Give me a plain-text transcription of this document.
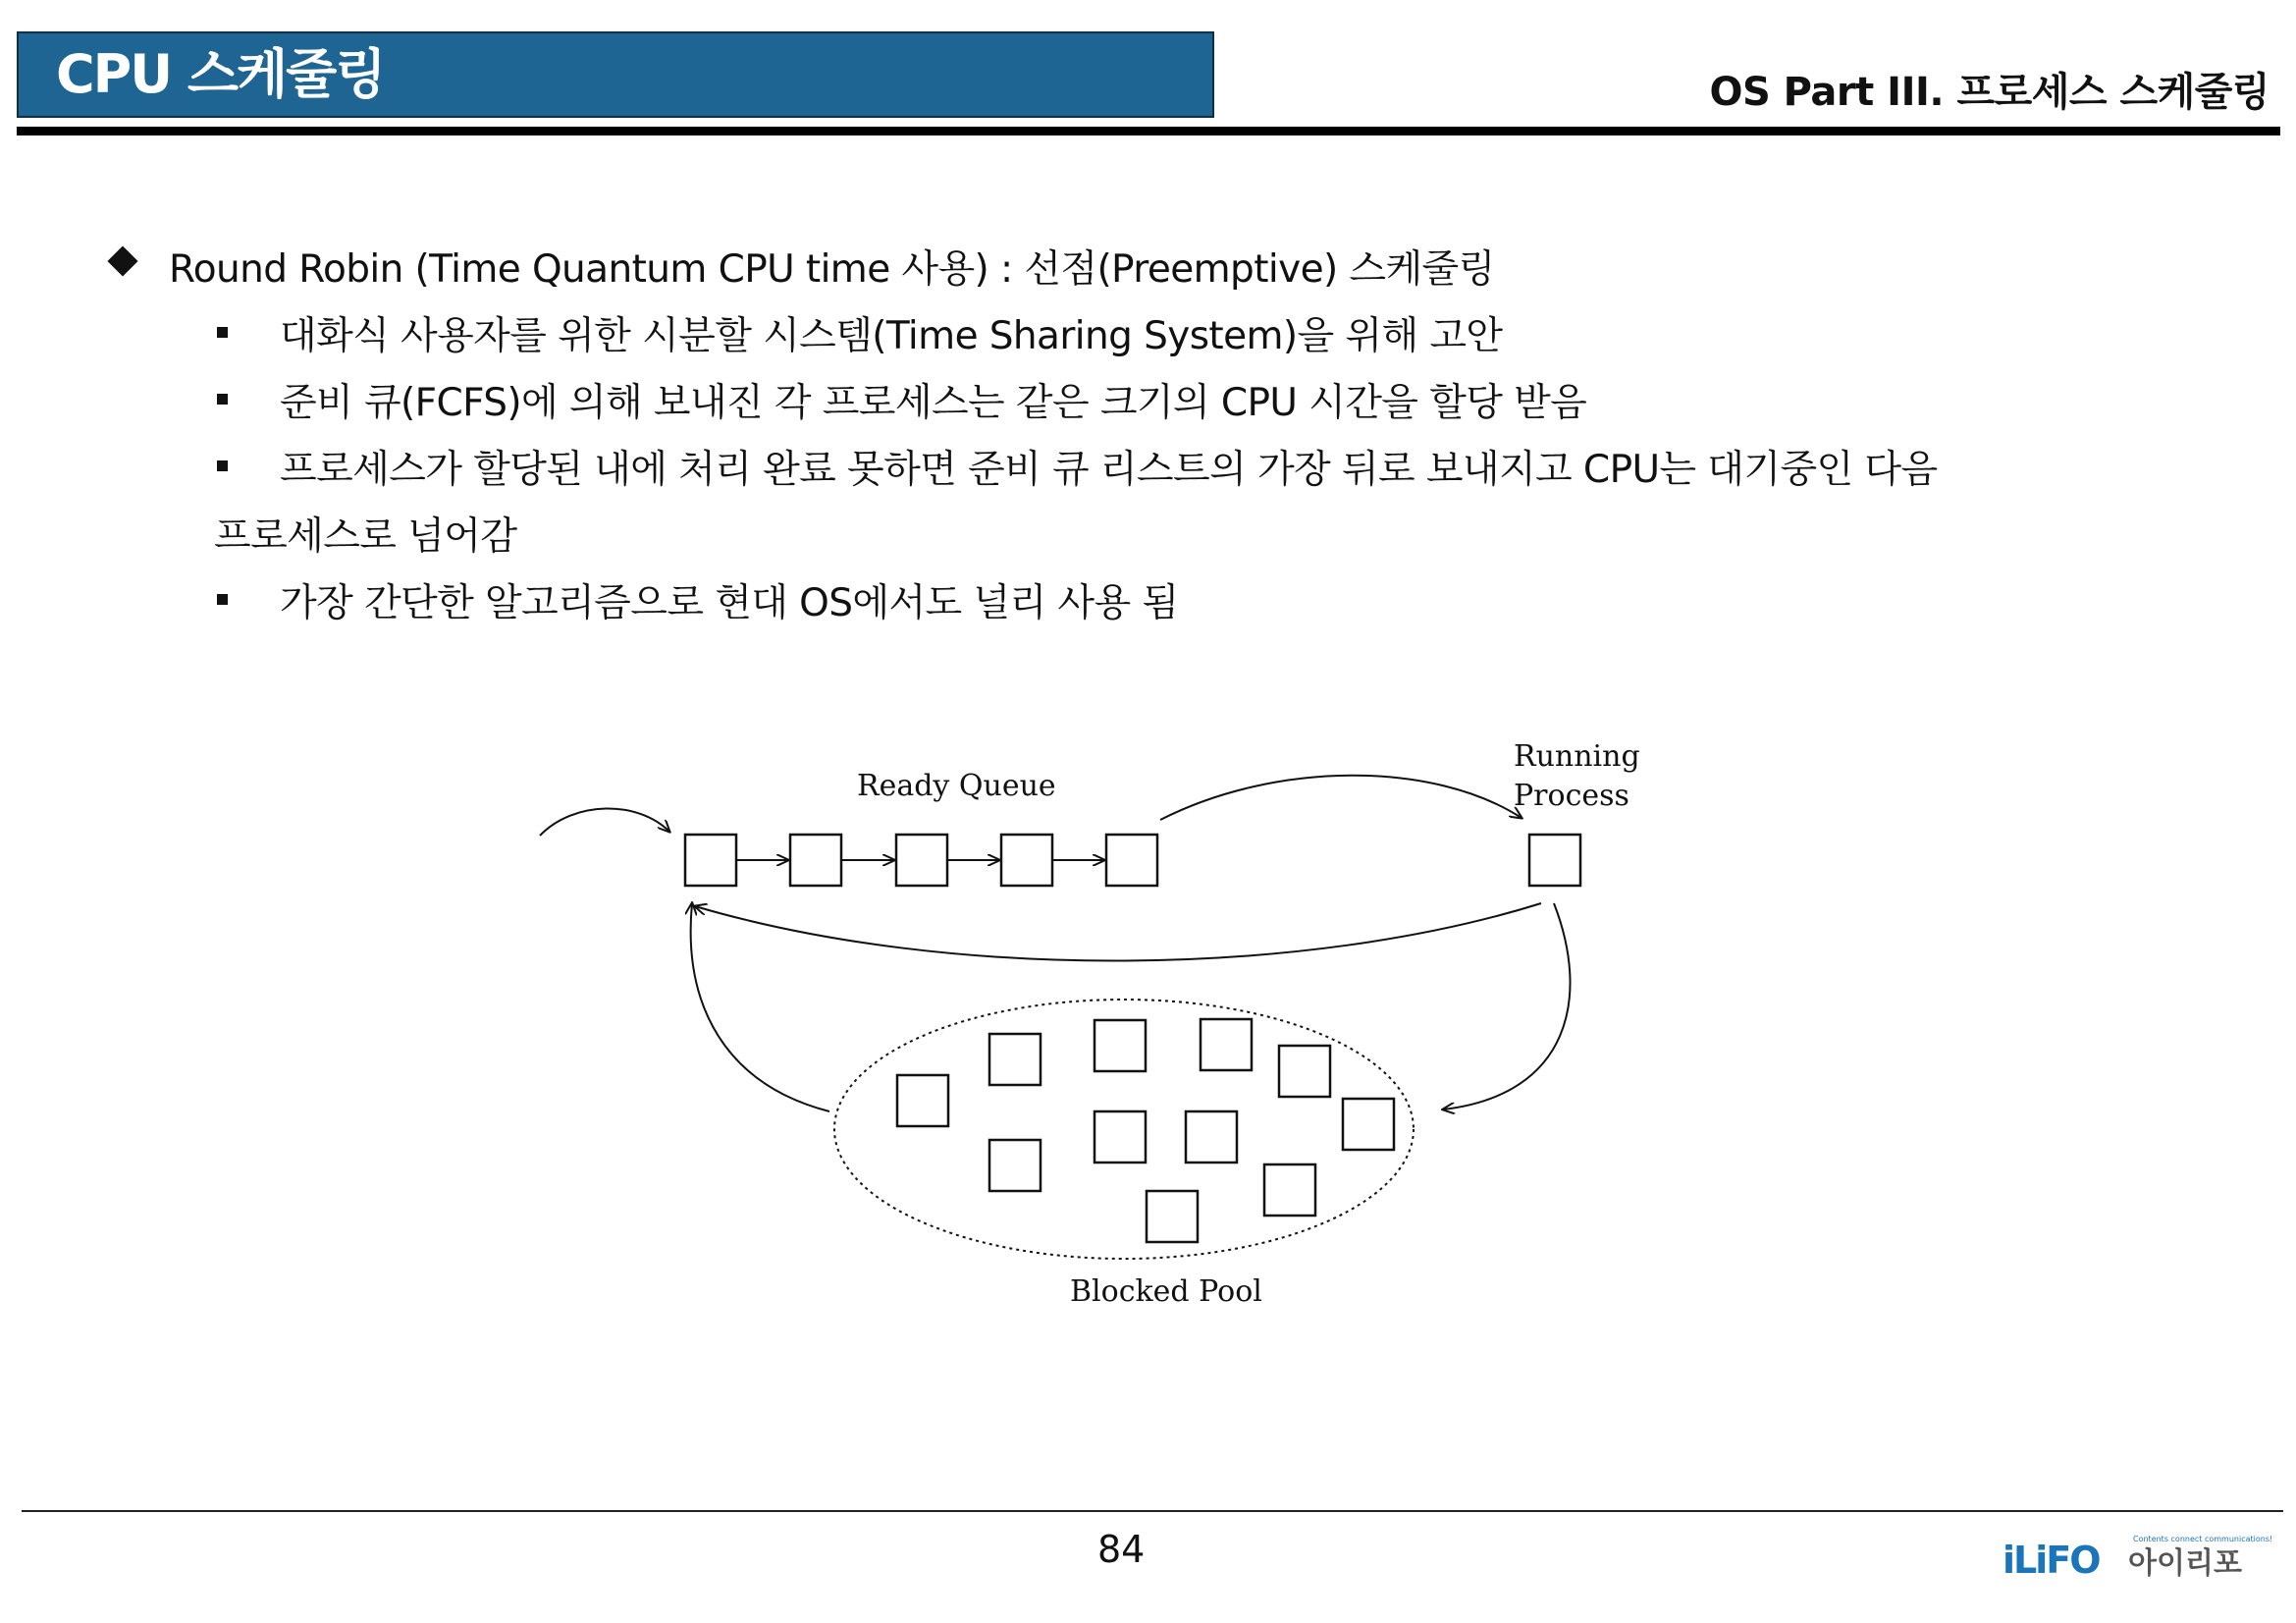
CPU 스케줄링	OS Part III. 프로세스 스케줄링
Round Robin (Time Quantum CPU time 사용) : 선점(Preemptive) 스케줄링
대화식 사용자를 위한 시분할 시스템(Time Sharing System)을 위해 고안
준비 큐(FCFS)에 의해 보내진 각 프로세스는 같은 크기의 CPU 시간을 할당 받음
프로세스가 할당된 내에 처리 완료 못하면 준비 큐 리스트의 가장 뒤로 보내지고 CPU는 대기중인 다음
프로세스로 넘어감
가장 간단한 알고리즘으로 현대 OS에서도 널리 사용 됨
Ready Queue
Running
Process
Blocked Pool
84	Contents connect communications!
iLiFO 아이리포
